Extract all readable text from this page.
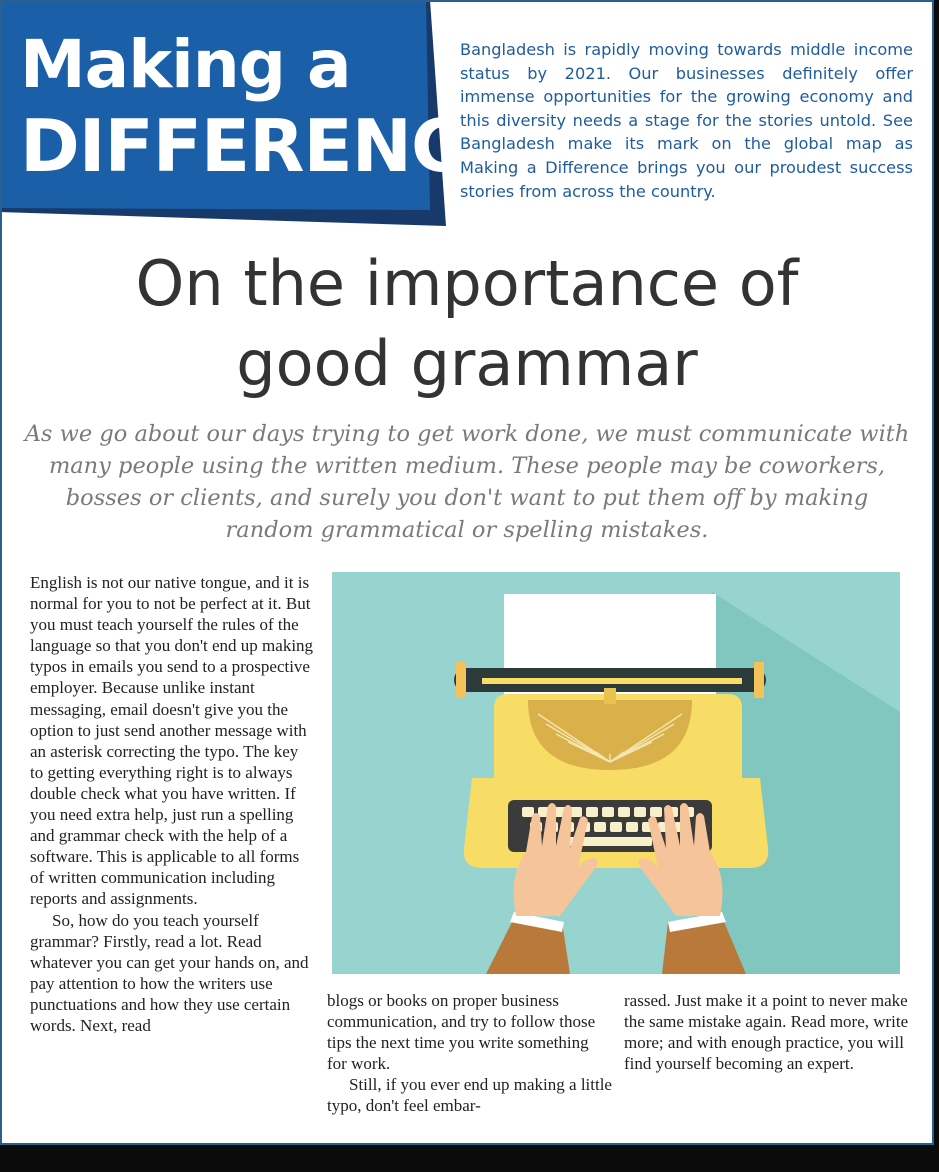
Making a
DIFFERENCE

Bangladesh is rapidly moving towards middle income status by 2021. Our businesses definitely offer immense opportunities for the growing economy and this diversity needs a stage for the stories untold. See Bangladesh make its mark on the global map as Making a Difference brings you our proudest success stories from across the country.

On the importance of
good grammar

As we go about our days trying to get work done, we must communicate with many people using the written medium. These people may be coworkers, bosses or clients, and surely you don't want to put them off by making random grammatical or spelling mistakes.

English is not our native tongue, and it is normal for you to not be perfect at it. But you must teach yourself the rules of the language so that you don't end up making typos in emails you send to a prospective employer. Because unlike instant messaging, email doesn't give you the option to just send another message with an asterisk correcting the typo. The key to getting everything right is to always double check what you have written. If you need extra help, just run a spelling and grammar check with the help of a software. This is applicable to all forms of written communication including reports and assignments.

So, how do you teach yourself grammar? Firstly, read a lot. Read whatever you can get your hands on, and pay attention to how the writers use punctuations and how they use certain words. Next, read

blogs or books on proper business communication, and try to follow those tips the next time you write something for work.

Still, if you ever end up making a little typo, don't feel embar-

rassed. Just make it a point to never make the same mistake again. Read more, write more; and with enough practice, you will find yourself becoming an expert.
